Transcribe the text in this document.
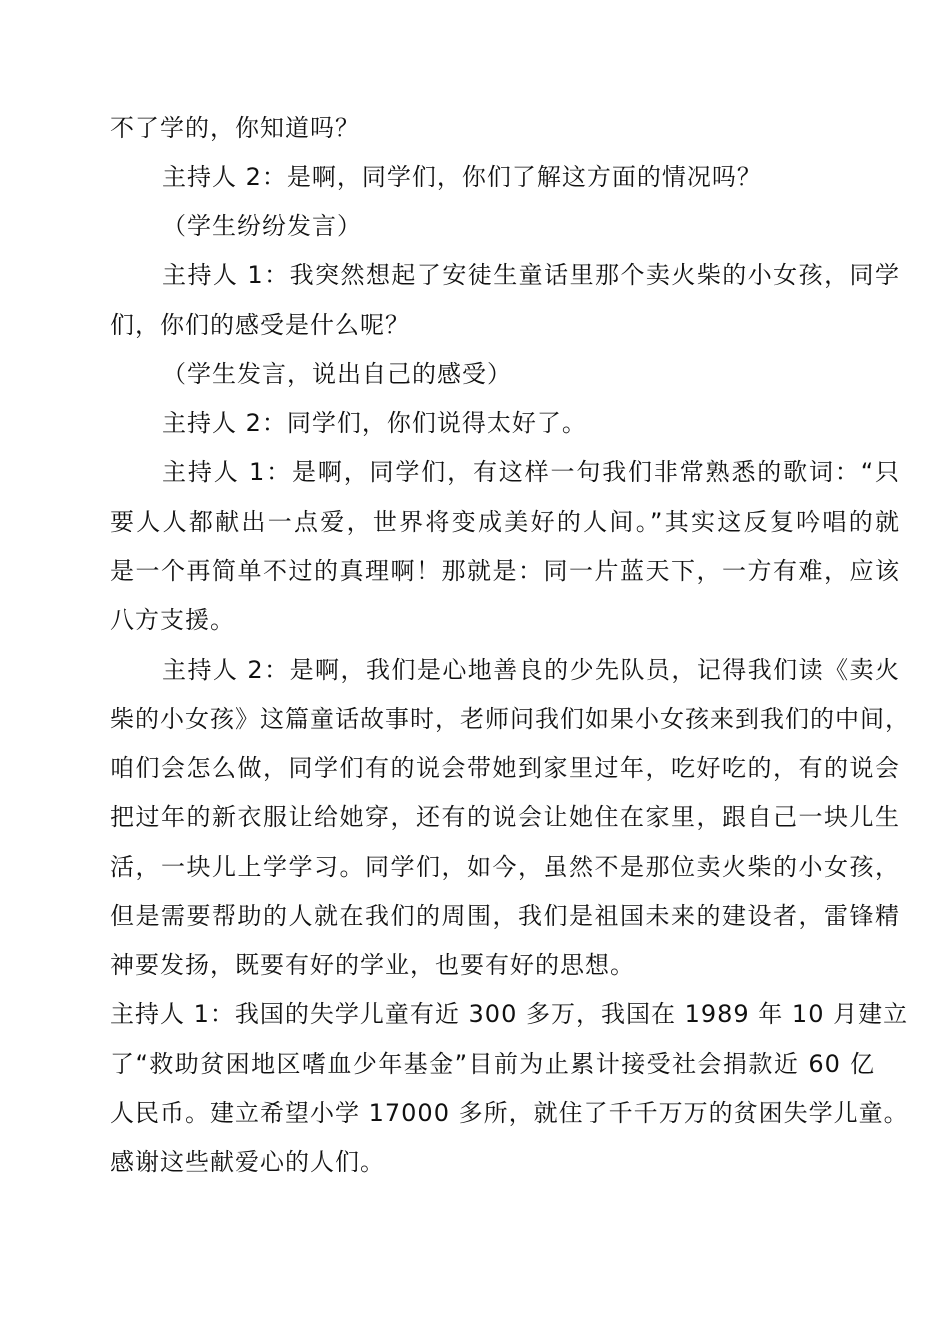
不了学的，你知道吗？
主持人 2：是啊，同学们，你们了解这方面的情况吗？
（学生纷纷发言）
主持人 1：我突然想起了安徒生童话里那个卖火柴的小女孩，同学
们，你们的感受是什么呢？
（学生发言，说出自己的感受）
主持人 2：同学们，你们说得太好了。
主持人 1：是啊，同学们，有这样一句我们非常熟悉的歌词：“只
要人人都献出一点爱，世界将变成美好的人间。”其实这反复吟唱的就
是一个再简单不过的真理啊！那就是：同一片蓝天下，一方有难，应该
八方支援。
主持人 2：是啊，我们是心地善良的少先队员，记得我们读《卖火
柴的小女孩》这篇童话故事时，老师问我们如果小女孩来到我们的中间，
咱们会怎么做，同学们有的说会带她到家里过年，吃好吃的，有的说会
把过年的新衣服让给她穿，还有的说会让她住在家里，跟自己一块儿生
活，一块儿上学学习。同学们，如今，虽然不是那位卖火柴的小女孩，
但是需要帮助的人就在我们的周围，我们是祖国未来的建设者，雷锋精
神要发扬，既要有好的学业，也要有好的思想。
主持人 1：我国的失学儿童有近 300 多万，我国在 1989 年 10 月建立
了“救助贫困地区嗜血少年基金”目前为止累计接受社会捐款近 60 亿
人民币。建立希望小学 17000 多所，就住了千千万万的贫困失学儿童。
感谢这些献爱心的人们。
